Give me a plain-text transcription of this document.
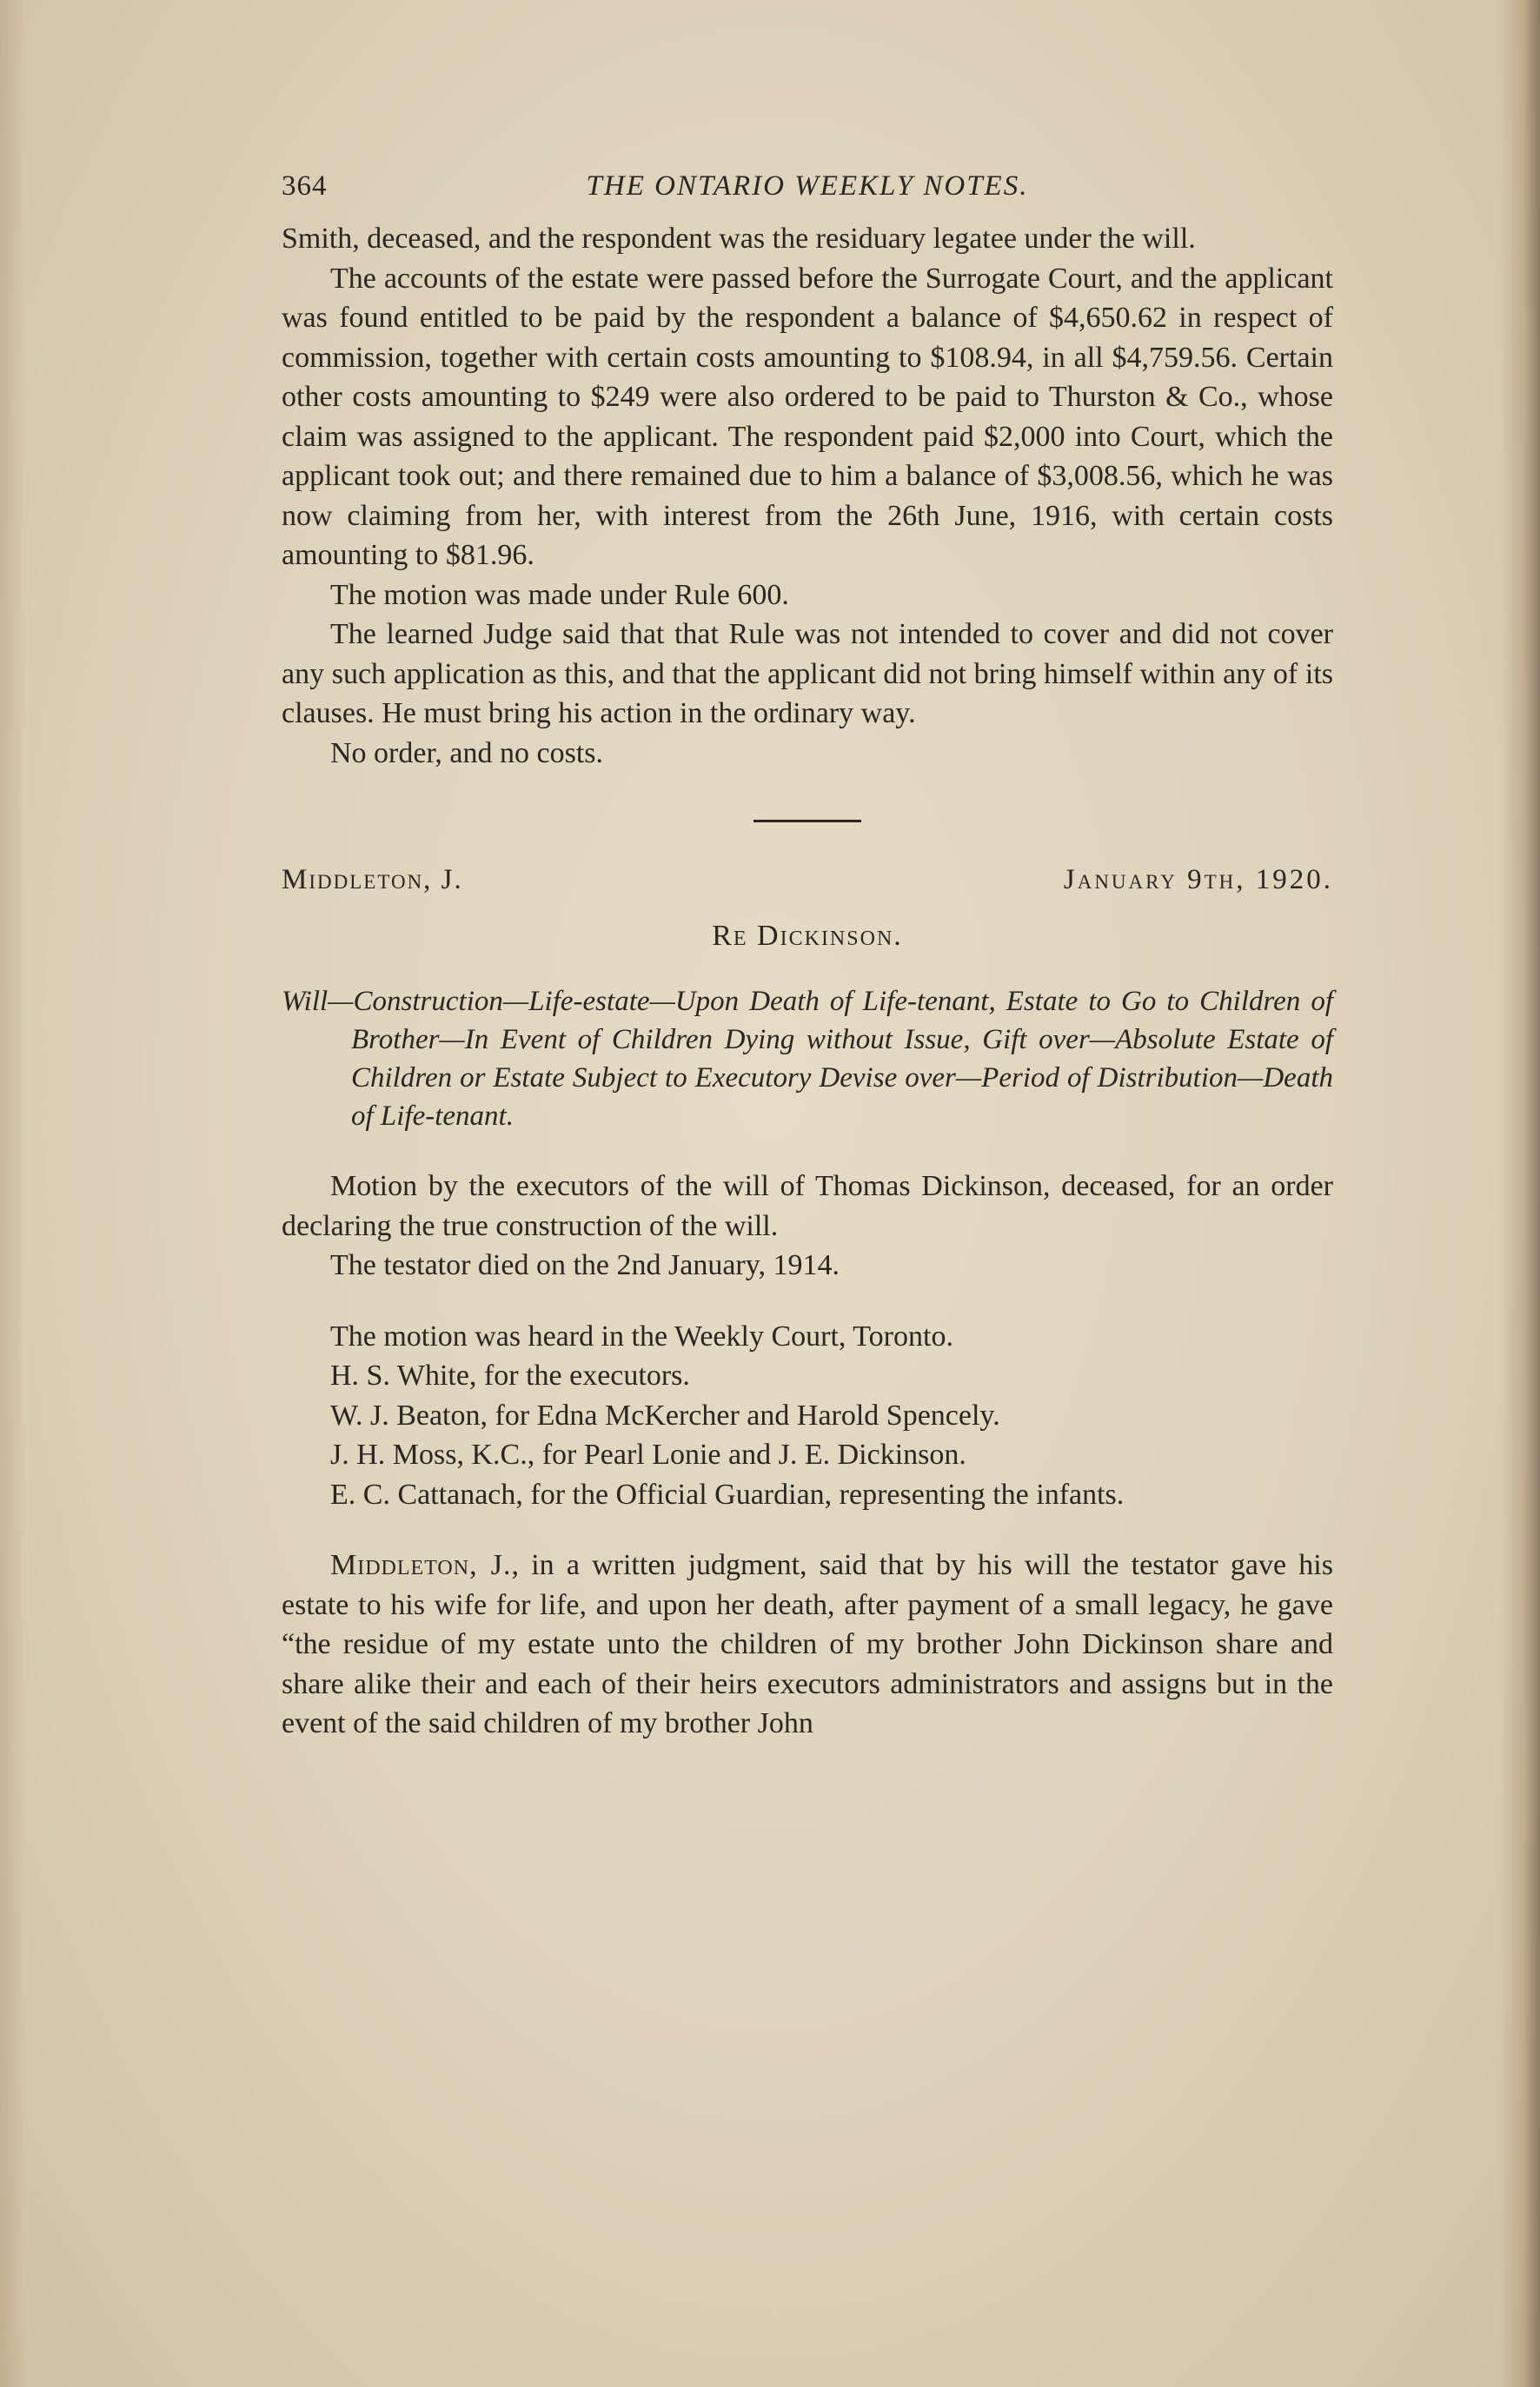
364	THE ONTARIO WEEKLY NOTES.

Smith, deceased, and the respondent was the residuary legatee under the will.

The accounts of the estate were passed before the Surrogate Court, and the applicant was found entitled to be paid by the respondent a balance of $4,650.62 in respect of commission, together with certain costs amounting to $108.94, in all $4,759.56. Certain other costs amounting to $249 were also ordered to be paid to Thurston & Co., whose claim was assigned to the applicant. The respondent paid $2,000 into Court, which the applicant took out; and there remained due to him a balance of $3,008.56, which he was now claiming from her, with interest from the 26th June, 1916, with certain costs amounting to $81.96.

The motion was made under Rule 600.

The learned Judge said that that Rule was not intended to cover and did not cover any such application as this, and that the applicant did not bring himself within any of its clauses. He must bring his action in the ordinary way.

No order, and no costs.

Middleton, J.	January 9th, 1920.
Re Dickinson.

Will—Construction—Life-estate—Upon Death of Life-tenant, Estate to Go to Children of Brother—In Event of Children Dying without Issue, Gift over—Absolute Estate of Children or Estate Subject to Executory Devise over—Period of Distribution—Death of Life-tenant.

Motion by the executors of the will of Thomas Dickinson, deceased, for an order declaring the true construction of the will.

The testator died on the 2nd January, 1914.

The motion was heard in the Weekly Court, Toronto.

H. S. White, for the executors.

W. J. Beaton, for Edna McKercher and Harold Spencely.

J. H. Moss, K.C., for Pearl Lonie and J. E. Dickinson.

E. C. Cattanach, for the Official Guardian, representing the infants.

Middleton, J., in a written judgment, said that by his will the testator gave his estate to his wife for life, and upon her death, after payment of a small legacy, he gave “the residue of my estate unto the children of my brother John Dickinson share and share alike their and each of their heirs executors administrators and assigns but in the event of the said children of my brother John
